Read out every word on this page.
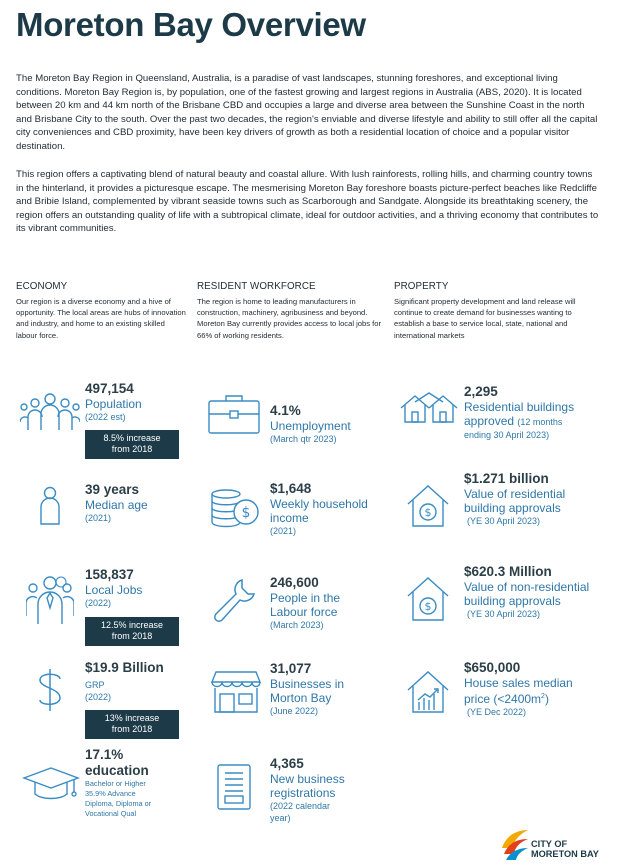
Moreton Bay Overview

The Moreton Bay Region in Queensland, Australia, is a paradise of vast landscapes, stunning foreshores, and exceptional living conditions. Moreton Bay Region is, by population, one of the fastest growing and largest regions in Australia (ABS, 2020). It is located between 20 km and 44 km north of the Brisbane CBD and occupies a large and diverse area between the Sunshine Coast in the north and Brisbane City to the south. Over the past two decades, the region's enviable and diverse lifestyle and ability to still offer all the capital city conveniences and CBD proximity, have been key drivers of growth as both a residential location of choice and a popular visitor destination.

This region offers a captivating blend of natural beauty and coastal allure. With lush rainforests, rolling hills, and charming country towns in the hinterland, it provides a picturesque escape. The mesmerising Moreton Bay foreshore boasts picture-perfect beaches like Redcliffe and Bribie Island, complemented by vibrant seaside towns such as Scarborough and Sandgate. Alongside its breathtaking scenery, the region offers an outstanding quality of life with a subtropical climate, ideal for outdoor activities, and a thriving economy that contributes to its vibrant communities.

ECONOMY
Our region is a diverse economy and a hive of opportunity. The local areas are hubs of innovation and industry, and home to an existing skilled labour force.
RESIDENT WORKFORCE
The region is home to leading manufacturers in construction, machinery, agribusiness and beyond. Moreton Bay currently provides access to local jobs for 66% of working residents.
PROPERTY
Significant property development and land release will continue to create demand for businesses wanting to establish a base to service local, state, national and international markets
497,154
Population
(2022 est)
8.5% increase
from 2018
39 years
Median age
(2021)
158,837
Local Jobs
(2022)
12.5% increase
from 2018
$19.9 Billion
GRP
(2022)
13% increase
from 2018
17.1%
education
Bachelor or Higher
35.9% Advance
Diploma, Diploma or
Vocational Qual
4.1%
Unemployment
(March qtr 2023)
$
$1,648
Weekly household
income
(2021)
246,600
People in the
Labour force
(March 2023)
31,077
Businesses in
Morton Bay
(June 2022)
4,365
New business
registrations
(2022 calendar
year)
2,295
Residential buildings
approved (12 months
ending 30 April 2023)
$
$1.271 billion
Value of residential
building approvals
(YE 30 April 2023)
$
$620.3 Million
Value of non-residential
building approvals
(YE 30 April 2023)
$650,000
House sales median
price $(<2400m^2)$
(YE Dec 2022)
CITY OF
MORETON BAY
